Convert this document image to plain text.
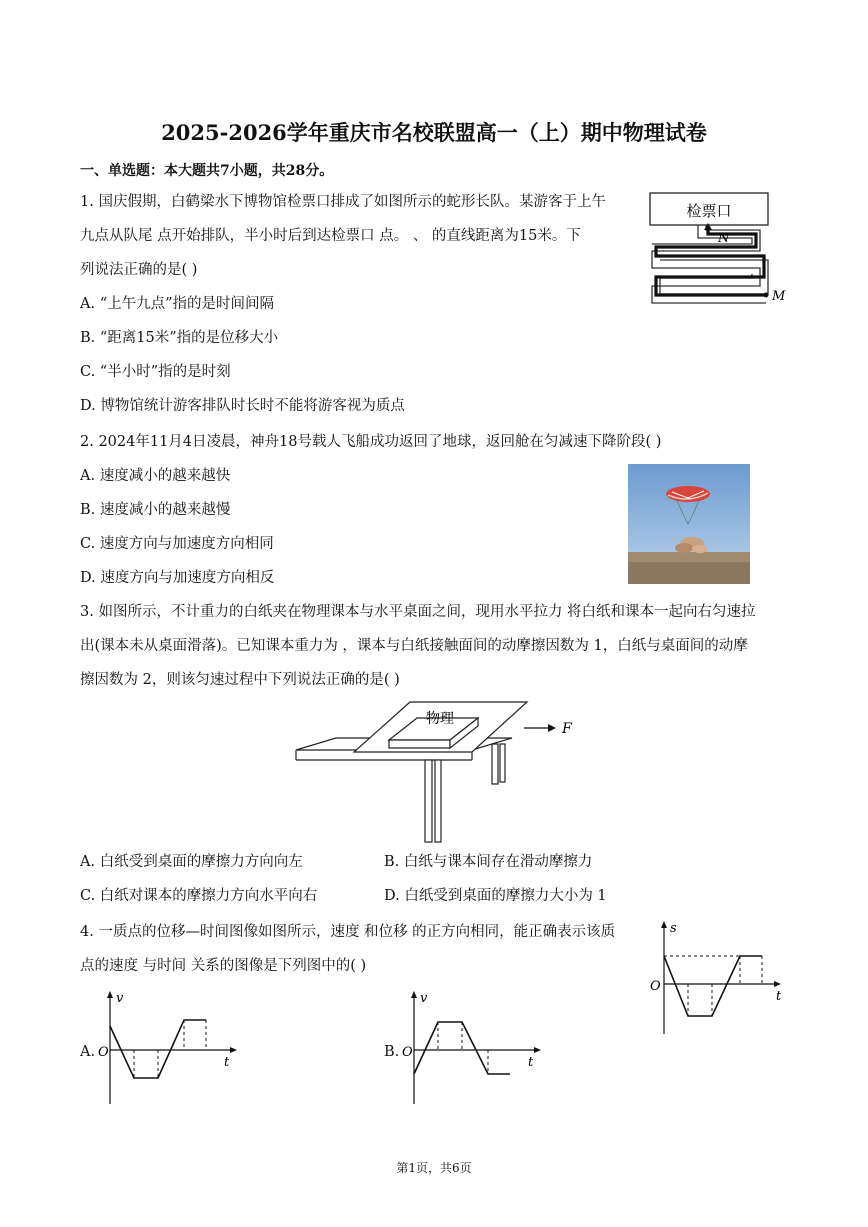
2025-2026学年重庆市名校联盟高一（上）期中物理试卷
一、单选题：本大题共7小题，共28分。
1. 国庆假期，白鹤梁水下博物馆检票口排成了如图所示的蛇形长队。某游客于上午
九点从队尾 点开始排队，半小时后到达检票口 点。 、 的直线距离为15米。下
列说法正确的是( )
A. “上午九点”指的是时间间隔
B. “距离15米”指的是位移大小
C. “半小时”指的是时刻
D. 博物馆统计游客排队时长时不能将游客视为质点
检票口
N
M
2. 2024年11月4日凌晨，神舟18号载人飞船成功返回了地球，返回舱在匀减速下降阶段( )
A. 速度减小的越来越快
B. 速度减小的越来越慢
C. 速度方向与加速度方向相同
D. 速度方向与加速度方向相反
3. 如图所示，不计重力的白纸夹在物理课本与水平桌面之间，现用水平拉力 将白纸和课本一起向右匀速拉
出(课本未从桌面滑落)。已知课本重力为 ，课本与白纸接触面间的动摩擦因数为 1，白纸与桌面间的动摩
擦因数为 2，则该匀速过程中下列说法正确的是( )
物理
F
A. 白纸受到桌面的摩擦力方向向左	B. 白纸与课本间存在滑动摩擦力
C. 白纸对课本的摩擦力方向水平向右	D. 白纸受到桌面的摩擦力大小为 1
4. 一质点的位移—时间图像如图所示，速度 和位移 的正方向相同，能正确表示该质
点的速度 与时间 关系的图像是下列图中的( )
s
t
O
A.
v
t
O	B.
v
t
O
第1页，共6页
